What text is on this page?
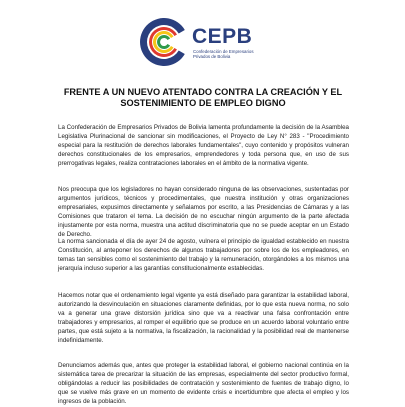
CEPB
Confederación de Empresarios
Privados de Bolivia
FRENTE A UN NUEVO ATENTADO CONTRA LA CREACIÓN Y EL
SOSTENIMIENTO DE EMPLEO DIGNO

La Confederación de Empresarios Privados de Bolivia lamenta profundamente la decisión de la Asamblea Legislativa Plurinacional de sancionar sin modificaciones, el Proyecto de Ley N° 283 - "Procedimiento especial para la restitución de derechos laborales fundamentales", cuyo contenido y propósitos vulneran derechos constitucionales de los empresarios, emprendedores y toda persona que, en uso de sus prerrogativas legales, realiza contrataciones laborales en el ámbito de la normativa vigente.

Nos preocupa que los legisladores no hayan considerado ninguna de las observaciones, sustentadas por argumentos jurídicos, técnicos y procedimentales, que nuestra institución y otras organizaciones empresariales, expusimos directamente y señalamos por escrito, a las Presidencias de Cámaras y a las Comisiones que trataron el tema. La decisión de no escuchar ningún argumento de la parte afectada injustamente por esta norma, muestra una actitud discriminatoria que no se puede aceptar en un Estado de Derecho.

La norma sancionada el día de ayer 24 de agosto, vulnera el principio de igualdad establecido en nuestra Constitución, al anteponer los derechos de algunos trabajadores por sobre los de los empleadores, en temas tan sensibles como el sostenimiento del trabajo y la remuneración, otorgándoles a los mismos una jerarquía incluso superior a las garantías constitucionalmente establecidas.

Hacemos notar que el ordenamiento legal vigente ya está diseñado para garantizar la estabilidad laboral, autorizando la desvinculación en situaciones claramente definidas, por lo que esta nueva norma, no solo va a generar una grave distorsión jurídica sino que va a reactivar una falsa confrontación entre trabajadores y empresarios, al romper el equilibrio que se produce en un acuerdo laboral voluntario entre partes, que está sujeto a la normativa, la fiscalización, la racionalidad y la posibilidad real de mantenerse indefinidamente.

Denunciamos además que, antes que proteger la estabilidad laboral, el gobierno nacional continúa en la sistemática tarea de precarizar la situación de las empresas, especialmente del sector productivo formal, obligándolas a reducir las posibilidades de contratación y sostenimiento de fuentes de trabajo digno, lo que se vuelve más grave en un momento de evidente crisis e incertidumbre que afecta el empleo y los ingresos de la población.
